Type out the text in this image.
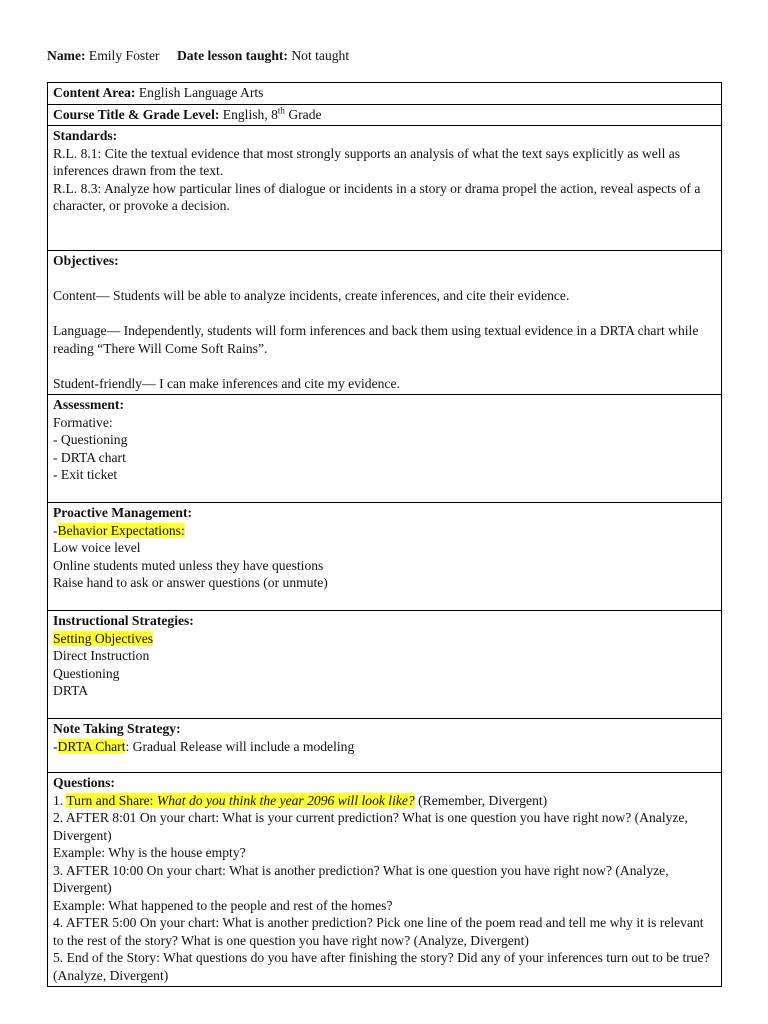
Name: Emily Foster Date lesson taught: Not taught
Content Area: English Language Arts
Course Title & Grade Level: English, 8th Grade

Standards:

R.L. 8.1: Cite the textual evidence that most strongly supports an analysis of what the text says explicitly as well as inferences drawn from the text.

R.L. 8.3: Analyze how particular lines of dialogue or incidents in a story or drama propel the action, reveal aspects of a character, or provoke a decision.

Objectives:

Content— Students will be able to analyze incidents, create inferences, and cite their evidence.

Language— Independently, students will form inferences and back them using textual evidence in a DRTA chart while reading “There Will Come Soft Rains”.

Student-friendly— I can make inferences and cite my evidence.

Assessment:

Formative:

- Questioning

- DRTA chart

- Exit ticket

Proactive Management:

-Behavior Expectations:

Low voice level

Online students muted unless they have questions

Raise hand to ask or answer questions (or unmute)

Instructional Strategies:

Setting Objectives

Direct Instruction

Questioning

DRTA

Note Taking Strategy:

-DRTA Chart: Gradual Release will include a modeling

Questions:

1. Turn and Share: What do you think the year 2096 will look like? (Remember, Divergent)

2. AFTER 8:01 On your chart: What is your current prediction? What is one question you have right now? (Analyze, Divergent)

Example: Why is the house empty?

3. AFTER 10:00 On your chart: What is another prediction? What is one question you have right now? (Analyze, Divergent)

Example: What happened to the people and rest of the homes?

4. AFTER 5:00 On your chart: What is another prediction? Pick one line of the poem read and tell me why it is relevant to the rest of the story? What is one question you have right now? (Analyze, Divergent)

5. End of the Story: What questions do you have after finishing the story? Did any of your inferences turn out to be true? (Analyze, Divergent)
